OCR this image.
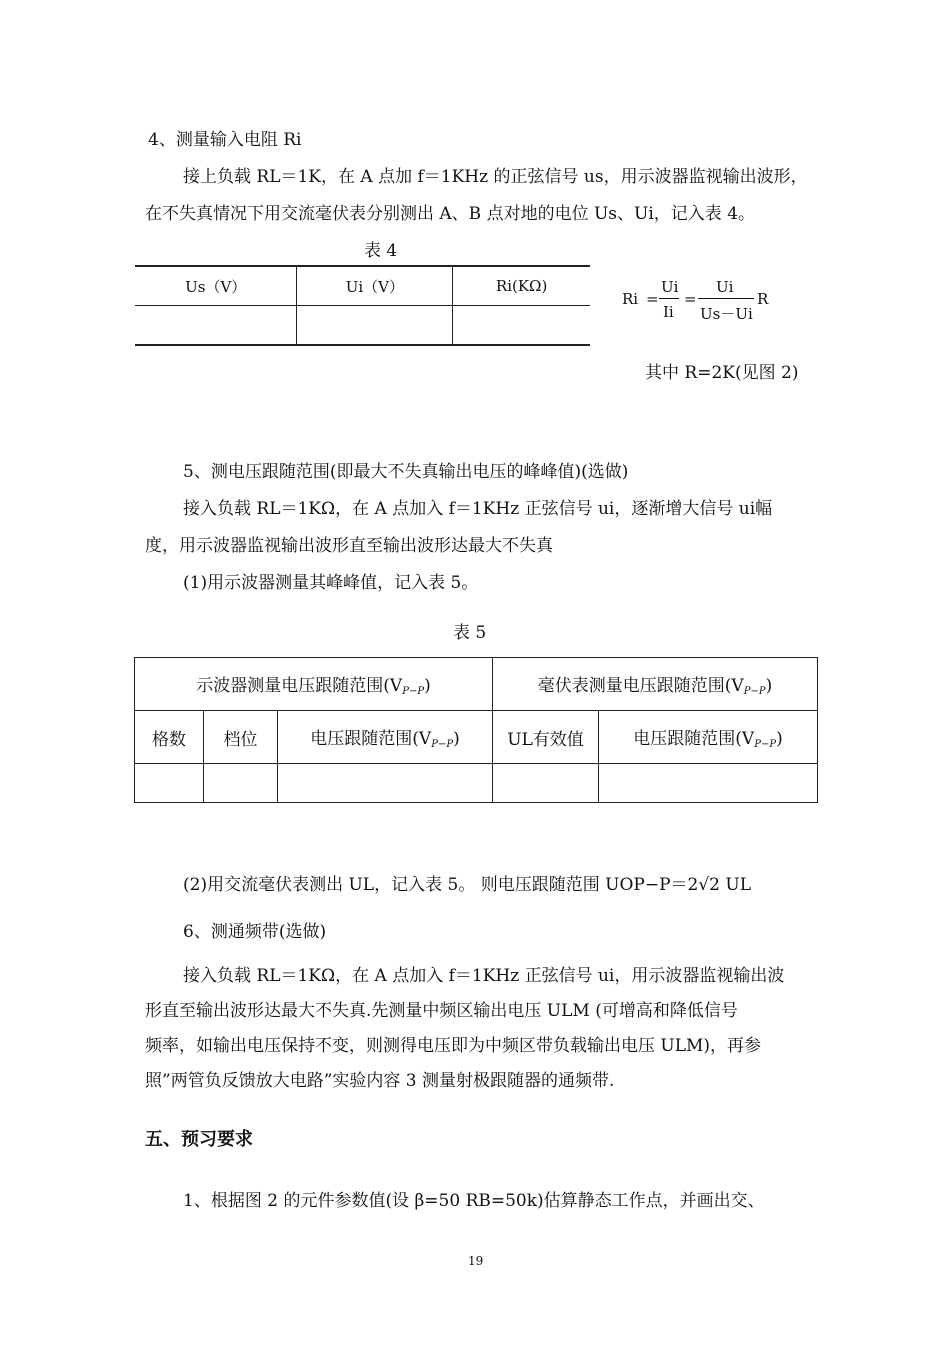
4、测量输入电阻 Ri
接上负载 RL＝1K，在 A 点加 f＝1KHz 的正弦信号 us，用示波器监视输出波形，
在不失真情况下用交流毫伏表分别测出 A、B 点对地的电位 Us、Ui，记入表 4。
表 4
Us（V）	Ui（V）	Ri(KΩ)

Ri =
Ui
Ii
=
Ui
Us－Ui
R
其中 R=2K(见图 2)
5、测电压跟随范围(即最大不失真输出电压的峰峰值)(选做)
接入负载 RL＝1KΩ，在 A 点加入 f＝1KHz 正弦信号 ui，逐渐增大信号 ui幅
度，用示波器监视输出波形直至输出波形达最大不失真
(1)用示波器测量其峰峰值，记入表 5。
表 5
示波器测量电压跟随范围$(V_{P-P})$			毫伏表测量电压跟随范围$(V_{P-P})$	
格数	档位	电压跟随范围$(V_{P-P})$	UL有效值	电压跟随范围$(V_{P-P})$

(2)用交流毫伏表测出 UL，记入表 5。 则电压跟随范围 UOP−P＝2√2 UL
6、测通频带(选做)
接入负载 RL＝1KΩ，在 A 点加入 f＝1KHz 正弦信号 ui，用示波器监视输出波
形直至输出波形达最大不失真.先测量中频区输出电压 ULM (可增高和降低信号
频率，如输出电压保持不变，则测得电压即为中频区带负载输出电压 ULM)，再参
照”两管负反馈放大电路”实验内容 3 测量射极跟随器的通频带.
五、预习要求
1、根据图 2 的元件参数值(设 β=50 RB=50k)估算静态工作点，并画出交、
19
